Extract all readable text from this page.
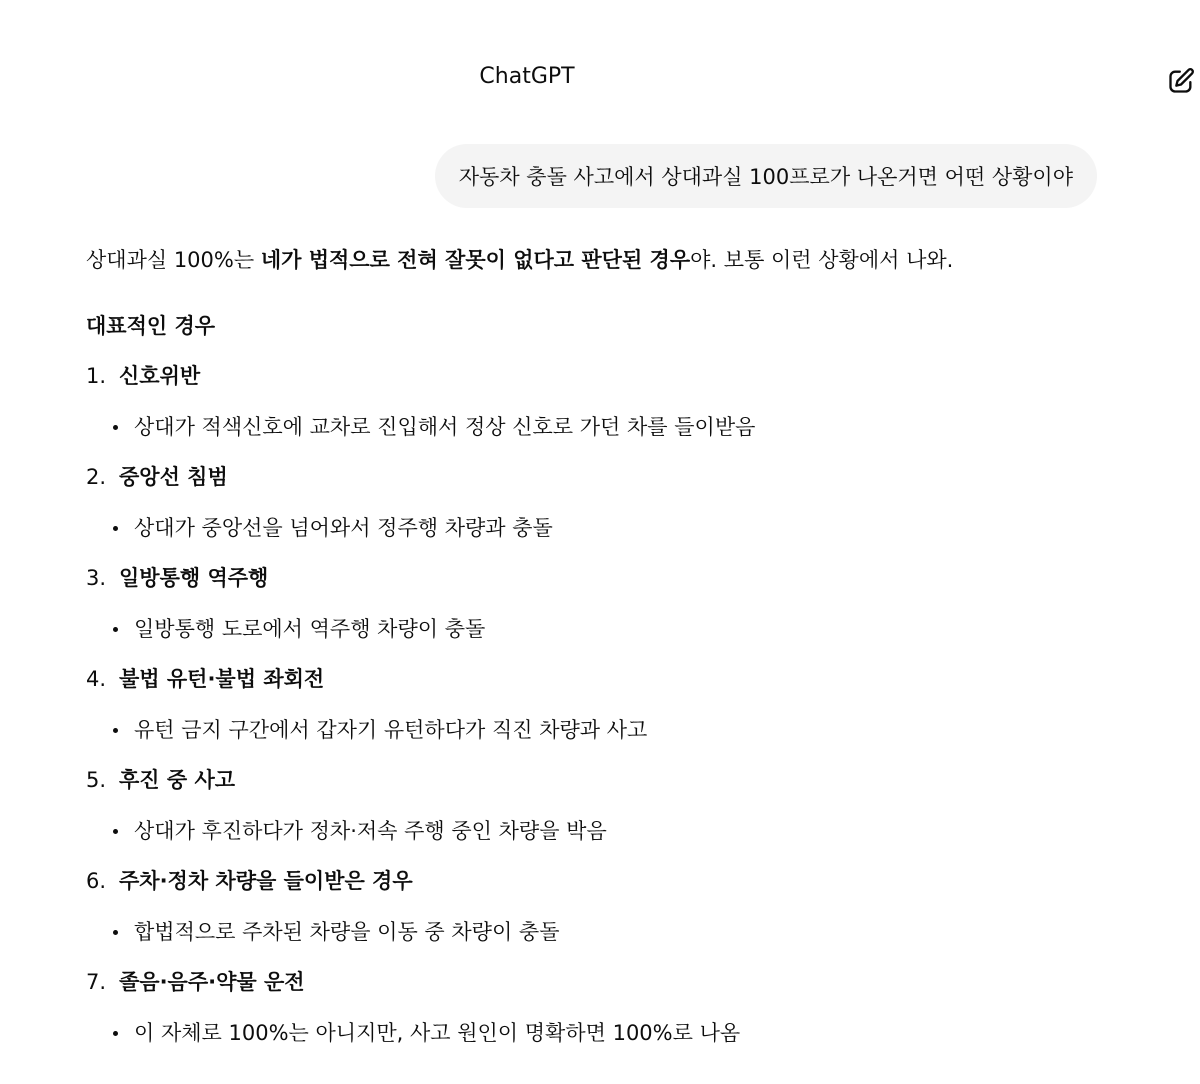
ChatGPT
자동차 충돌 사고에서 상대과실 100프로가 나온거면 어떤 상황이야

상대과실 100%는 네가 법적으로 전혀 잘못이 없다고 판단된 경우야. 보통 이런 상황에서 나와.

대표적인 경우
1. 신호위반
상대가 적색신호에 교차로 진입해서 정상 신호로 가던 차를 들이받음
2. 중앙선 침범
상대가 중앙선을 넘어와서 정주행 차량과 충돌
3. 일방통행 역주행
일방통행 도로에서 역주행 차량이 충돌
4. 불법 유턴·불법 좌회전
유턴 금지 구간에서 갑자기 유턴하다가 직진 차량과 사고
5. 후진 중 사고
상대가 후진하다가 정차·저속 주행 중인 차량을 박음
6. 주차·정차 차량을 들이받은 경우
합법적으로 주차된 차량을 이동 중 차량이 충돌
7. 졸음·음주·약물 운전
이 자체로 100%는 아니지만, 사고 원인이 명확하면 100%로 나옴
